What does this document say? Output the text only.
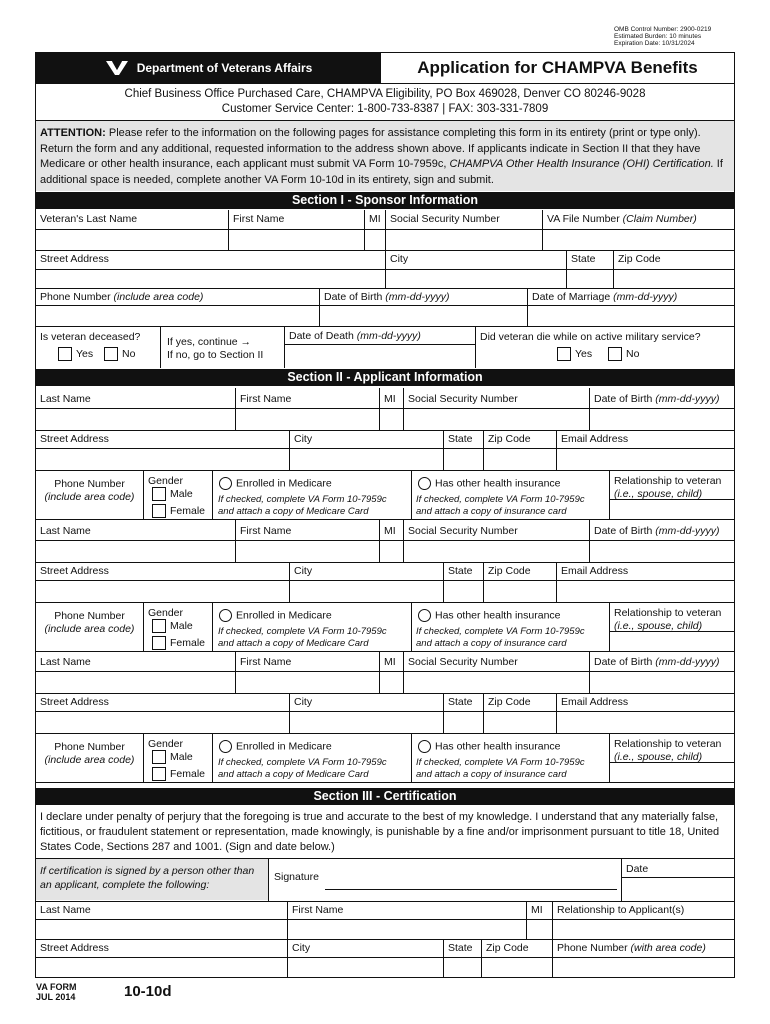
OMB Control Number: 2900-0219
Estimated Burden: 10 minutes
Expiration Date: 10/31/2024
Department of Veterans Affairs	Application for CHAMPVA Benefits
Chief Business Office Purchased Care, CHAMPVA Eligibility, PO Box 469028, Denver CO 80246-9028
Customer Service Center: 1-800-733-8387 | FAX: 303-331-7809
ATTENTION: Please refer to the information on the following pages for assistance completing this form in its entirety (print or type only). Return the form and any additional, requested information to the address shown above. If applicants indicate in Section II that they have Medicare or other health insurance, each applicant must submit VA Form 10-7959c, CHAMPVA Other Health Insurance (OHI) Certification. If additional space is needed, complete another VA Form 10-10d in its entirety, sign and submit.
Section I - Sponsor Information
Veteran's Last Name	First Name	MI Social Security Number	VA File Number (Claim Number)
Street Address	City	State	Zip Code
Phone Number (include area code)	Date of Birth (mm-dd-yyyy)	Date of Marriage (mm-dd-yyyy)
Is veteran deceased?
Yes	No
If yes, continue →
If no, go to Section II
Date of Death (mm-dd-yyyy)	Did veteran die while on active military service?
Yes	No
Section II - Applicant Information
Last Name	First Name	MI	Social Security Number	Date of Birth (mm-dd-yyyy)
Street Address	City	State	Zip Code	Email Address
Phone Number
(include area code)
Gender
Male
Female
Enrolled in Medicare
If checked, complete VA Form 10-7959c
and attach a copy of Medicare Card
Has other health insurance
If checked, complete VA Form 10-7959c
and attach a copy of insurance card
Relationship to veteran
(i.e., spouse, child)
Last Name	First Name	MI	Social Security Number	Date of Birth (mm-dd-yyyy)
Street Address	City	State	Zip Code	Email Address
Phone Number
(include area code)
Gender
Male
Female
Enrolled in Medicare
If checked, complete VA Form 10-7959c
and attach a copy of Medicare Card
Has other health insurance
If checked, complete VA Form 10-7959c
and attach a copy of insurance card
Relationship to veteran
(i.e., spouse, child)
Last Name	First Name	MI	Social Security Number	Date of Birth (mm-dd-yyyy)
Street Address	City	State	Zip Code	Email Address
Phone Number
(include area code)
Gender
Male
Female
Enrolled in Medicare
If checked, complete VA Form 10-7959c
and attach a copy of Medicare Card
Has other health insurance
If checked, complete VA Form 10-7959c
and attach a copy of insurance card
Relationship to veteran
(i.e., spouse, child)
Section III - Certification
I declare under penalty of perjury that the foregoing is true and accurate to the best of my knowledge. I understand that any materially false, fictitious, or fraudulent statement or representation, made knowingly, is punishable by a fine and/or imprisonment pursuant to title 18, United States Code, Sections 287 and 1001. (Sign and date below.)
If certification is signed by a person other than an applicant, complete the following:
Signature
Date
Last Name	First Name	MI	Relationship to Applicant(s)
Street Address	City	State	Zip Code	Phone Number (with area code)
VA FORM
JUL 2014	10-10d
